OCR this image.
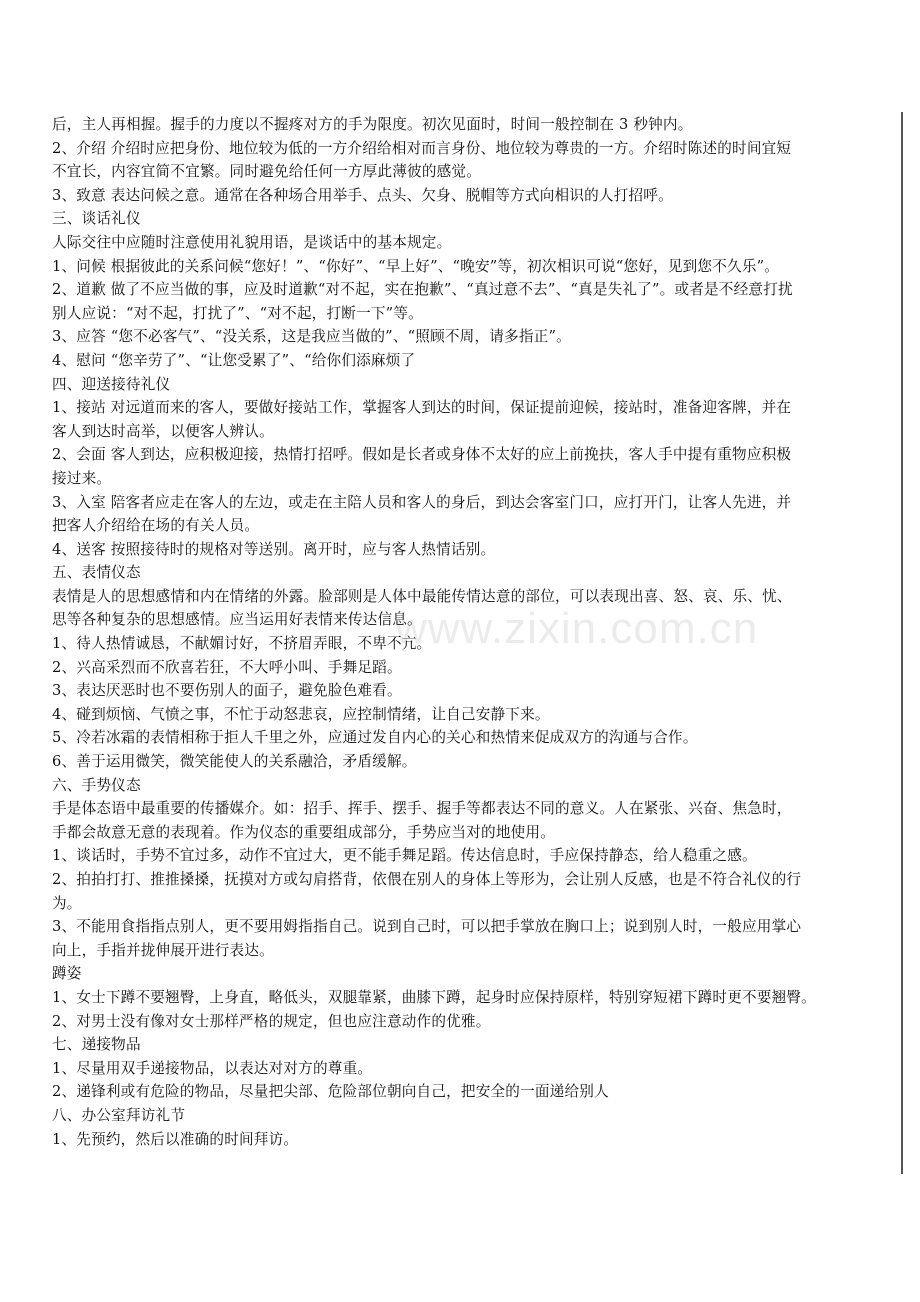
www.zixin.com.cn
后，主人再相握。握手的力度以不握疼对方的手为限度。初次见面时，时间一般控制在 3 秒钟内。
2、介绍 介绍时应把身份、地位较为低的一方介绍给相对而言身份、地位较为尊贵的一方。介绍时陈述的时间宜短
不宜长，内容宜简不宜繁。同时避免给任何一方厚此薄彼的感觉。
3、致意 表达问候之意。通常在各种场合用举手、点头、欠身、脱帽等方式向相识的人打招呼。
三、谈话礼仪
人际交往中应随时注意使用礼貌用语，是谈话中的基本规定。
1、问候 根据彼此的关系问候“您好！”、“你好”、“早上好”、“晚安”等，初次相识可说“您好，见到您不久乐”。
2、道歉 做了不应当做的事，应及时道歉“对不起，实在抱歉”、“真过意不去”、“真是失礼了”。或者是不经意打扰
别人应说：“对不起，打扰了”、“对不起，打断一下”等。
3、应答 “您不必客气”、“没关系，这是我应当做的”、“照顾不周，请多指正”。
4、慰问 “您辛劳了”、“让您受累了”、“给你们添麻烦了
四、迎送接待礼仪
1、接站 对远道而来的客人，要做好接站工作，掌握客人到达的时间，保证提前迎候，接站时，准备迎客牌，并在
客人到达时高举，以便客人辨认。
2、会面 客人到达，应积极迎接，热情打招呼。假如是长者或身体不太好的应上前挽扶，客人手中提有重物应积极
接过来。
3、入室 陪客者应走在客人的左边，或走在主陪人员和客人的身后，到达会客室门口，应打开门，让客人先进，并
把客人介绍给在场的有关人员。
4、送客 按照接待时的规格对等送别。离开时，应与客人热情话别。
五、表情仪态
表情是人的思想感情和内在情绪的外露。脸部则是人体中最能传情达意的部位，可以表现出喜、怒、哀、乐、忧、
思等各种复杂的思想感情。应当运用好表情来传达信息。
1、待人热情诚恳，不献媚讨好，不挤眉弄眼，不卑不亢。
2、兴高采烈而不欣喜若狂，不大呼小叫、手舞足蹈。
3、表达厌恶时也不要伤别人的面子，避免脸色难看。
4、碰到烦恼、气愤之事，不忙于动怒悲哀，应控制情绪，让自己安静下来。
5、冷若冰霜的表情相称于拒人千里之外，应通过发自内心的关心和热情来促成双方的沟通与合作。
6、善于运用微笑，微笑能使人的关系融洽，矛盾缓解。
六、手势仪态
手是体态语中最重要的传播媒介。如：招手、挥手、摆手、握手等都表达不同的意义。人在紧张、兴奋、焦急时，
手都会故意无意的表现着。作为仪态的重要组成部分，手势应当对的地使用。
1、谈话时，手势不宜过多，动作不宜过大，更不能手舞足蹈。传达信息时，手应保持静态，给人稳重之感。
2、拍拍打打、推推搡搡，抚摸对方或勾肩搭背，依偎在别人的身体上等形为，会让别人反感，也是不符合礼仪的行
为。
3、不能用食指指点别人，更不要用姆指指自己。说到自己时，可以把手掌放在胸口上；说到别人时，一般应用掌心
向上，手指并拢伸展开进行表达。
蹲姿
1、女士下蹲不要翘臀，上身直，略低头，双腿靠紧，曲膝下蹲，起身时应保持原样，特别穿短裙下蹲时更不要翘臀。
2、对男士没有像对女士那样严格的规定，但也应注意动作的优雅。
七、递接物品
1、尽量用双手递接物品，以表达对对方的尊重。
2、递锋利或有危险的物品，尽量把尖部、危险部位朝向自己，把安全的一面递给别人
八、办公室拜访礼节
1、先预约，然后以准确的时间拜访。
